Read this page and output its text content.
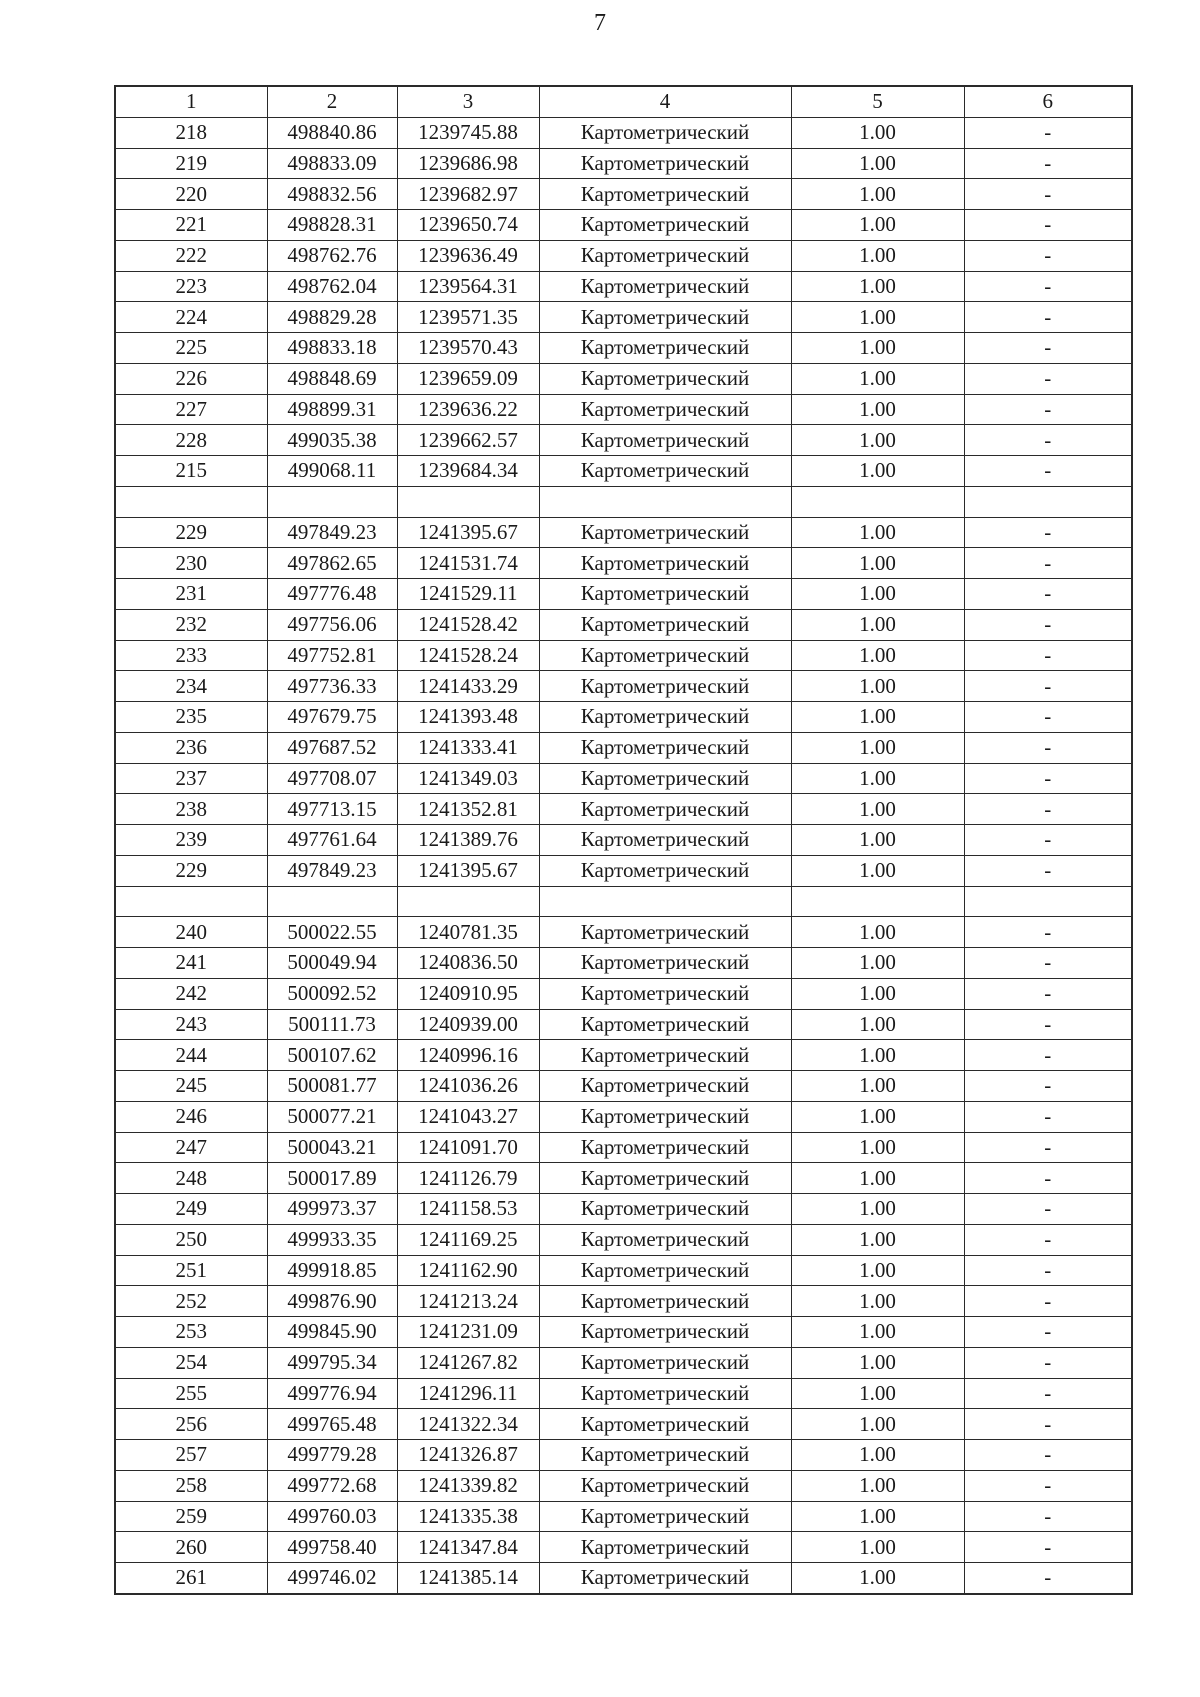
7
1	2	3	4	5	6
218	498840.86	1239745.88	Картометрический	1.00	-
219	498833.09	1239686.98	Картометрический	1.00	-
220	498832.56	1239682.97	Картометрический	1.00	-
221	498828.31	1239650.74	Картометрический	1.00	-
222	498762.76	1239636.49	Картометрический	1.00	-
223	498762.04	1239564.31	Картометрический	1.00	-
224	498829.28	1239571.35	Картометрический	1.00	-
225	498833.18	1239570.43	Картометрический	1.00	-
226	498848.69	1239659.09	Картометрический	1.00	-
227	498899.31	1239636.22	Картометрический	1.00	-
228	499035.38	1239662.57	Картометрический	1.00	-
215	499068.11	1239684.34	Картометрический	1.00	-

229	497849.23	1241395.67	Картометрический	1.00	-
230	497862.65	1241531.74	Картометрический	1.00	-
231	497776.48	1241529.11	Картометрический	1.00	-
232	497756.06	1241528.42	Картометрический	1.00	-
233	497752.81	1241528.24	Картометрический	1.00	-
234	497736.33	1241433.29	Картометрический	1.00	-
235	497679.75	1241393.48	Картометрический	1.00	-
236	497687.52	1241333.41	Картометрический	1.00	-
237	497708.07	1241349.03	Картометрический	1.00	-
238	497713.15	1241352.81	Картометрический	1.00	-
239	497761.64	1241389.76	Картометрический	1.00	-
229	497849.23	1241395.67	Картометрический	1.00	-

240	500022.55	1240781.35	Картометрический	1.00	-
241	500049.94	1240836.50	Картометрический	1.00	-
242	500092.52	1240910.95	Картометрический	1.00	-
243	500111.73	1240939.00	Картометрический	1.00	-
244	500107.62	1240996.16	Картометрический	1.00	-
245	500081.77	1241036.26	Картометрический	1.00	-
246	500077.21	1241043.27	Картометрический	1.00	-
247	500043.21	1241091.70	Картометрический	1.00	-
248	500017.89	1241126.79	Картометрический	1.00	-
249	499973.37	1241158.53	Картометрический	1.00	-
250	499933.35	1241169.25	Картометрический	1.00	-
251	499918.85	1241162.90	Картометрический	1.00	-
252	499876.90	1241213.24	Картометрический	1.00	-
253	499845.90	1241231.09	Картометрический	1.00	-
254	499795.34	1241267.82	Картометрический	1.00	-
255	499776.94	1241296.11	Картометрический	1.00	-
256	499765.48	1241322.34	Картометрический	1.00	-
257	499779.28	1241326.87	Картометрический	1.00	-
258	499772.68	1241339.82	Картометрический	1.00	-
259	499760.03	1241335.38	Картометрический	1.00	-
260	499758.40	1241347.84	Картометрический	1.00	-
261	499746.02	1241385.14	Картометрический	1.00	-
